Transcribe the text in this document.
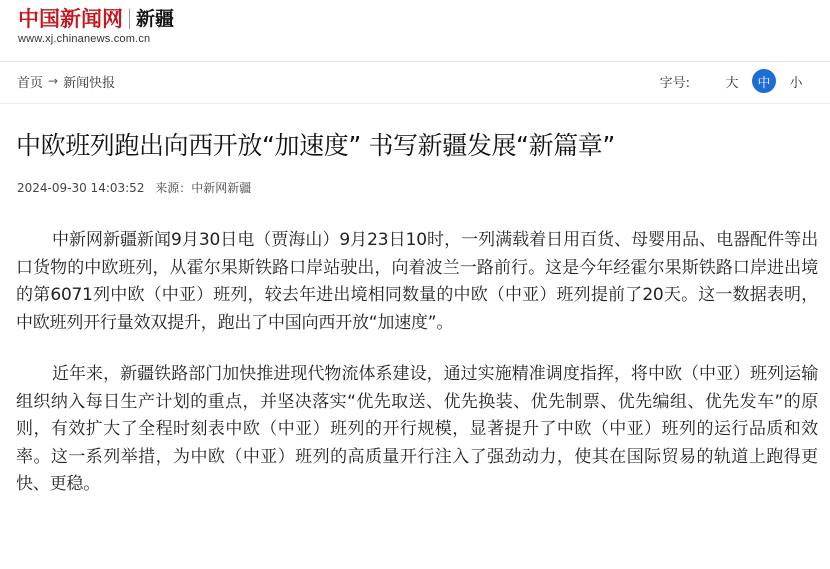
中国新闻网 新疆
www.xj.chinanews.com.cn
首页 → 新闻快报	字号:	大	中	小
中欧班列跑出向西开放“加速度” 书写新疆发展“新篇章”
2024-09-30 14:03:52 来源：中新网新疆

中新网新疆新闻9月30日电（贾海山）9月23日10时，一列满载着日用百货、母婴用品、电器配件等出口货物的中欧班列，从霍尔果斯铁路口岸站驶出，向着波兰一路前行。这是今年经霍尔果斯铁路口岸进出境的第6071列中欧（中亚）班列，较去年进出境相同数量的中欧（中亚）班列提前了20天。这一数据表明，中欧班列开行量效双提升，跑出了中国向西开放“加速度”。

近年来，新疆铁路部门加快推进现代物流体系建设，通过实施精准调度指挥，将中欧（中亚）班列运输组织纳入每日生产计划的重点，并坚决落实“优先取送、优先换装、优先制票、优先编组、优先发车”的原则，有效扩大了全程时刻表中欧（中亚）班列的开行规模，显著提升了中欧（中亚）班列的运行品质和效率。这一系列举措，为中欧（中亚）班列的高质量开行注入了强劲动力，使其在国际贸易的轨道上跑得更快、更稳。
